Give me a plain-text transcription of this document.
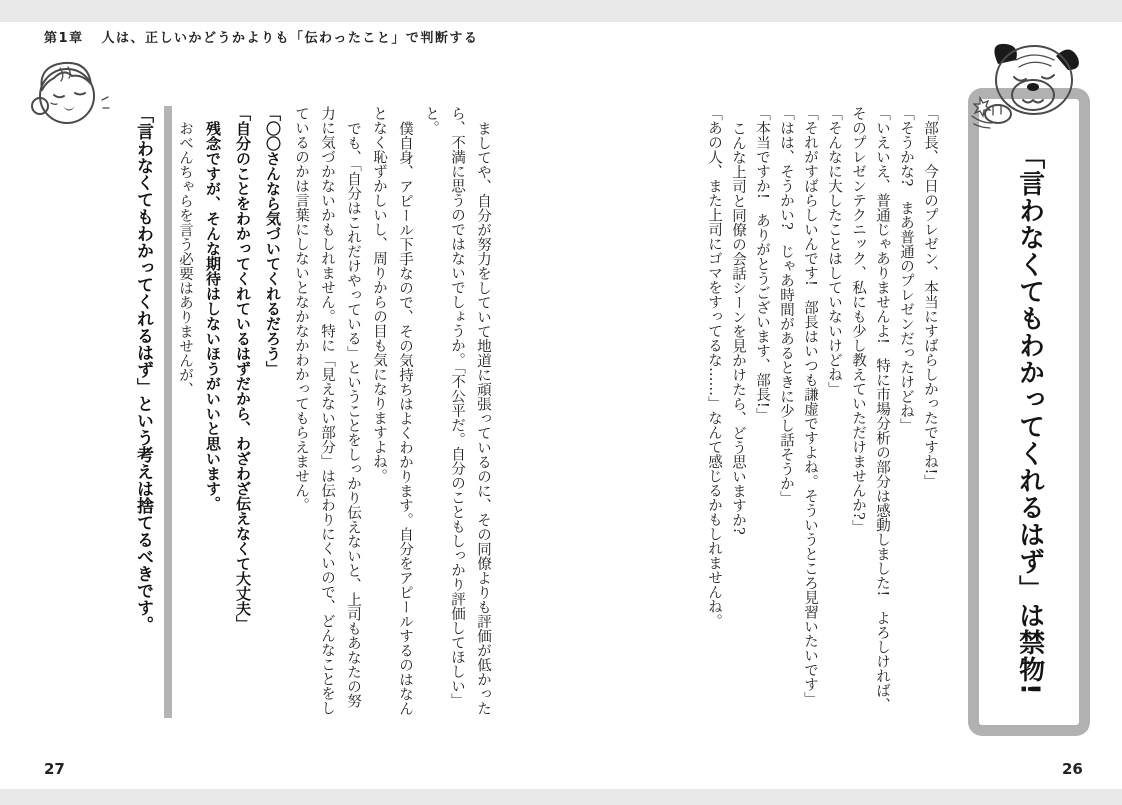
第1章 人は、正しいかどうかよりも「伝わったこと」で判断する
「言わなくてもわかってくれるはず」は禁物!

「部長、今日のプレゼン、本当にすばらしかったですね!」

「そうかな?　まあ普通のプレゼンだったけどね」

「いえいえ、普通じゃありませんよ!　特に市場分析の部分は感動しました!　よろしければ、そのプレゼンテクニック、私にも少し教えていただけませんか?」

「そんなに大したことはしていないけどね」

「それがすばらしいんです!　部長はいつも謙虚ですよね。そういうところ見習いたいです」

「はは、そうかい?　じゃあ時間があるときに少し話そうか」

「本当ですか!　ありがとうございます、部長!」

こんな上司と同僚の会話シーンを見かけたら、どう思いますか?

「あの人、また上司にゴマをすってるな……」なんて感じるかもしれませんね。

ましてや、自分が努力をしていて地道に頑張っているのに、その同僚よりも評価が低かったら、不満に思うのではないでしょうか。「不公平だ。自分のこともしっかり評価してほしい」と。

僕自身、アピール下手なので、その気持ちはよくわかります。自分をアピールするのはなんとなく恥ずかしいし、周りからの目も気になりますよね。

でも、「自分はこれだけやっている」ということをしっかり伝えないと、上司もあなたの努力に気づかないかもしれません。特に「見えない部分」は伝わりにくいので、どんなことをしているのかは言葉にしないとなかなかわかってもらえません。

「〇〇さんなら気づいてくれるだろう」

「自分のことをわかってくれているはずだから、わざわざ伝えなくて大丈夫」

残念ですが、そんな期待はしないほうがいいと思います。

おべんちゃらを言う必要はありませんが、

「言わなくてもわかってくれるはず」という考えは捨てるべきです。

27	26
